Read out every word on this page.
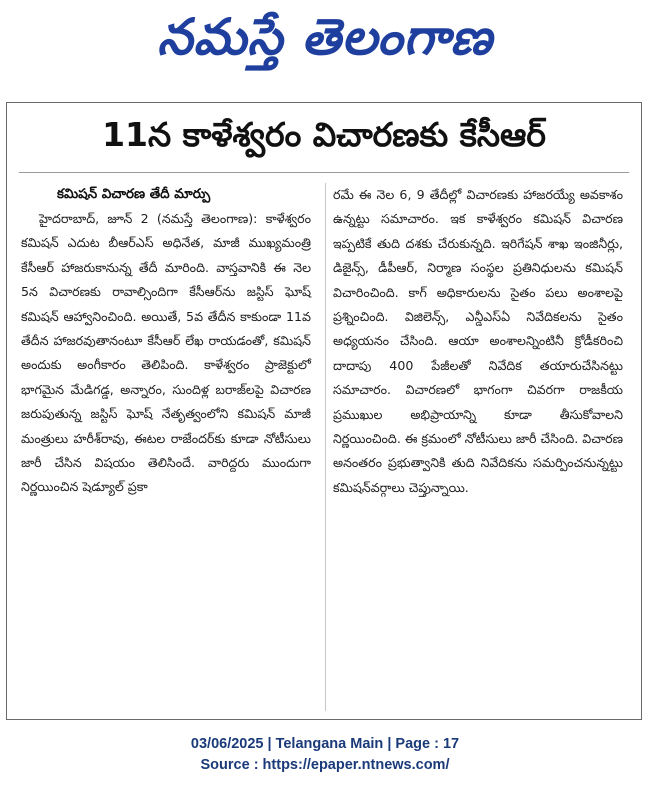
నమస్తే తెలంగాణ
11న కాళేశ్వరం విచారణకు కేసీఆర్
కమిషన్ విచారణ తేదీ మార్పు
హైదరాబాద్, జూన్ 2 (నమస్తే తెలంగాణ): కాళేశ్వరం కమిషన్ ఎదుట బీఆర్ఎస్ అధినేత, మాజీ ముఖ్యమంత్రి కేసీఆర్ హాజరుకానున్న తేదీ మారింది. వాస్తవానికి ఈ నెల 5న విచారణకు రావాల్సిందిగా కేసీఆర్‌ను జస్టిస్ ఘోష్ కమిషన్ ఆహ్వానించింది. అయితే, 5వ తేదీన కాకుండా 11వ తేదీన హాజరవుతానంటూ కేసీఆర్ లేఖ రాయడంతో, కమిషన్ అందుకు అంగీకారం తెలిపింది. కాళేశ్వరం ప్రాజెక్టులో భాగమైన మేడిగడ్డ, అన్నారం, సుందిళ్ల బరాజ్‌లపై విచారణ జరుపుతున్న జస్టిస్ ఘోష్ నేతృత్వంలోని కమిషన్ మాజీ మంత్రులు హరీశ్‌రావు, ఈటల రాజేందర్‌కు కూడా నోటీసులు జారీ చేసిన విషయం తెలిసిందే. వారిద్దరు ముందుగా నిర్ణయించిన షెడ్యూల్ ప్రకా
రమే ఈ నెల 6, 9 తేదీల్లో విచారణకు హాజరయ్యే అవకాశం ఉన్నట్టు సమాచారం. ఇక కాళేశ్వరం కమిషన్ విచారణ ఇప్పటికే తుది దశకు చేరుకున్నది. ఇరిగేషన్ శాఖ ఇంజినీర్లు, డిజైన్స్, డీపీఆర్, నిర్మాణ సంస్థల ప్రతినిధులను కమిషన్ విచారించింది. కాగ్ అధికారులను సైతం పలు అంశాలపై ప్రశ్నించింది. విజిలెన్స్, ఎన్డీఎస్ఏ నివేదికలను సైతం అధ్యయనం చేసింది. ఆయా అంశాలన్నింటినీ క్రోడీకరించి దాదాపు 400 పేజీలతో నివేదిక తయారుచేసినట్టు సమాచారం. విచారణలో భాగంగా చివరగా రాజకీయ ప్రముఖుల అభిప్రాయాన్ని కూడా తీసుకోవాలని నిర్ణయించింది. ఈ క్రమంలో నోటీసులు జారీ చేసింది. విచారణ అనంతరం ప్రభుత్వానికి తుది నివేదికను సమర్పించనున్నట్టు కమిషన్‌వర్గాలు చెప్తున్నాయి.
03/06/2025 | Telangana Main | Page : 17
Source : https://epaper.ntnews.com/
